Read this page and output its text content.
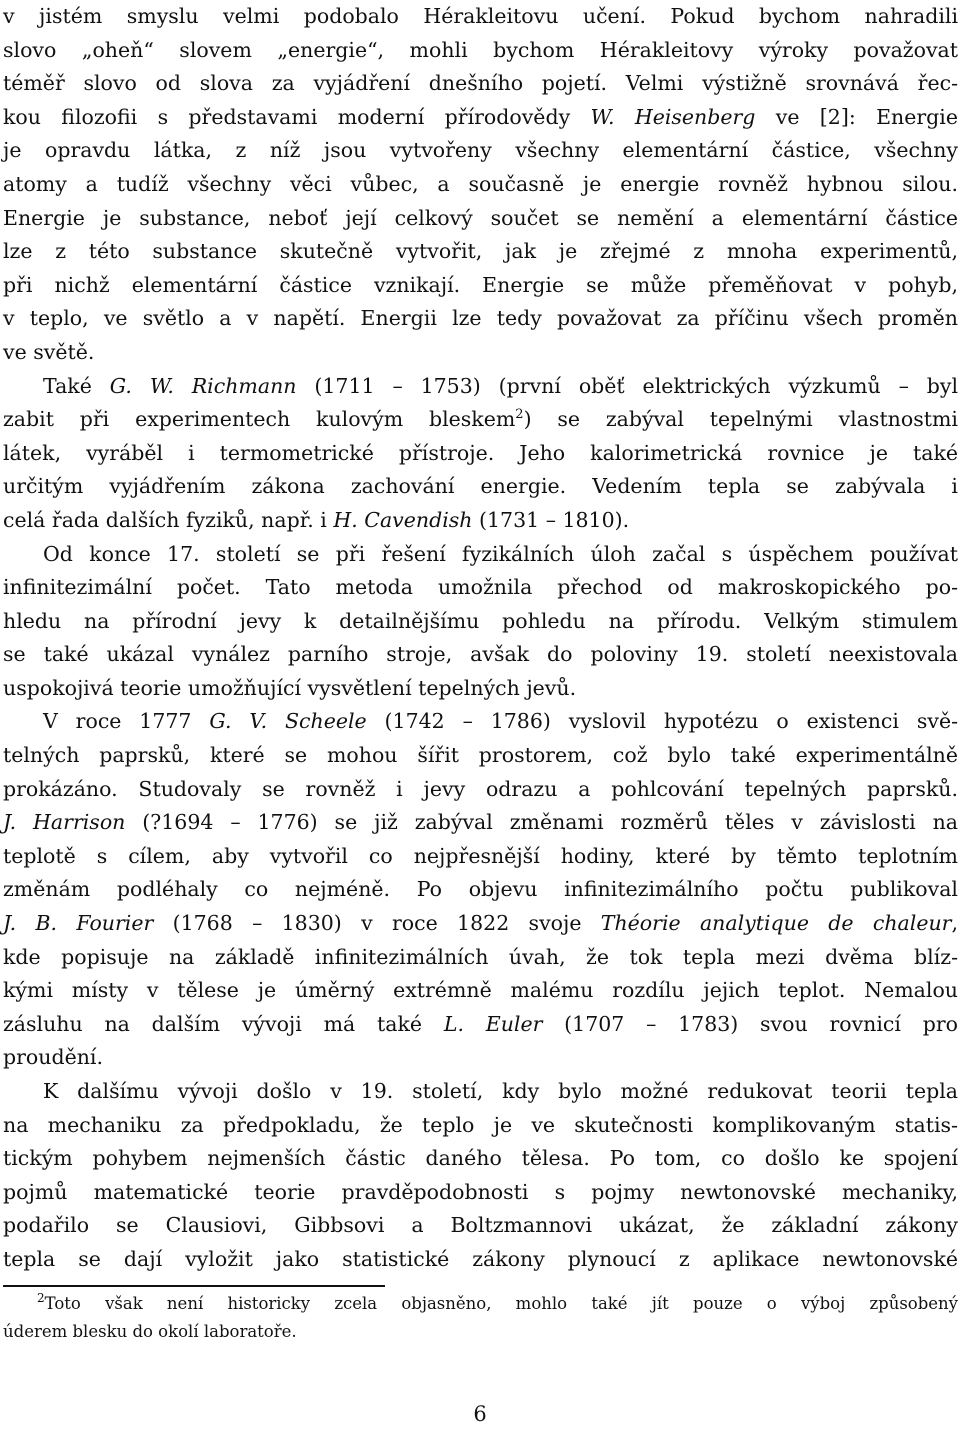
v jistém smyslu velmi podobalo Hérakleitovu učení. Pokud bychom nahradili
slovo „oheň“ slovem „energie“, mohli bychom Hérakleitovy výroky považovat
téměř slovo od slova za vyjádření dnešního pojetí. Velmi výstižně srovnává řec-
kou filozofii s představami moderní přírodovědy W. Heisenberg ve [2]: Energie
je opravdu látka, z níž jsou vytvořeny všechny elementární částice, všechny
atomy a tudíž všechny věci vůbec, a současně je energie rovněž hybnou silou.
Energie je substance, neboť její celkový součet se nemění a elementární částice
lze z této substance skutečně vytvořit, jak je zřejmé z mnoha experimentů,
při nichž elementární částice vznikají. Energie se může přeměňovat v pohyb,
v teplo, ve světlo a v napětí. Energii lze tedy považovat za příčinu všech proměn
ve světě.
Také G. W. Richmann (1711 – 1753) (první oběť elektrických výzkumů – byl
zabit při experimentech kulovým bleskem$^2$) se zabýval tepelnými vlastnostmi
látek, vyráběl i termometrické přístroje. Jeho kalorimetrická rovnice je také
určitým vyjádřením zákona zachování energie. Vedením tepla se zabývala i
celá řada dalších fyziků, např. i H. Cavendish (1731 – 1810).
Od konce 17. století se při řešení fyzikálních úloh začal s úspěchem používat
infinitezimální počet. Tato metoda umožnila přechod od makroskopického po-
hledu na přírodní jevy k detailnějšímu pohledu na přírodu. Velkým stimulem
se také ukázal vynález parního stroje, avšak do poloviny 19. století neexistovala
uspokojivá teorie umožňující vysvětlení tepelných jevů.
V roce 1777 G. V. Scheele (1742 – 1786) vyslovil hypotézu o existenci svě-
telných paprsků, které se mohou šířit prostorem, což bylo také experimentálně
prokázáno. Studovaly se rovněž i jevy odrazu a pohlcování tepelných paprsků.
J. Harrison (?1694 – 1776) se již zabýval změnami rozměrů těles v závislosti na
teplotě s cílem, aby vytvořil co nejpřesnější hodiny, které by těmto teplotním
změnám podléhaly co nejméně. Po objevu infinitezimálního počtu publikoval
J. B. Fourier (1768 – 1830) v roce 1822 svoje Théorie analytique de chaleur,
kde popisuje na základě infinitezimálních úvah, že tok tepla mezi dvěma blíz-
kými místy v tělese je úměrný extrémně malému rozdílu jejich teplot. Nemalou
zásluhu na dalším vývoji má také L. Euler (1707 – 1783) svou rovnicí pro
proudění.
K dalšímu vývoji došlo v 19. století, kdy bylo možné redukovat teorii tepla
na mechaniku za předpokladu, že teplo je ve skutečnosti komplikovaným statis-
tickým pohybem nejmenších částic daného tělesa. Po tom, co došlo ke spojení
pojmů matematické teorie pravděpodobnosti s pojmy newtonovské mechaniky,
podařilo se Clausiovi, Gibbsovi a Boltzmannovi ukázat, že základní zákony
tepla se dají vyložit jako statistické zákony plynoucí z aplikace newtonovské
$^2$Toto však není historicky zcela objasněno, mohlo také jít pouze o výboj způsobený
úderem blesku do okolí laboratoře.
6
